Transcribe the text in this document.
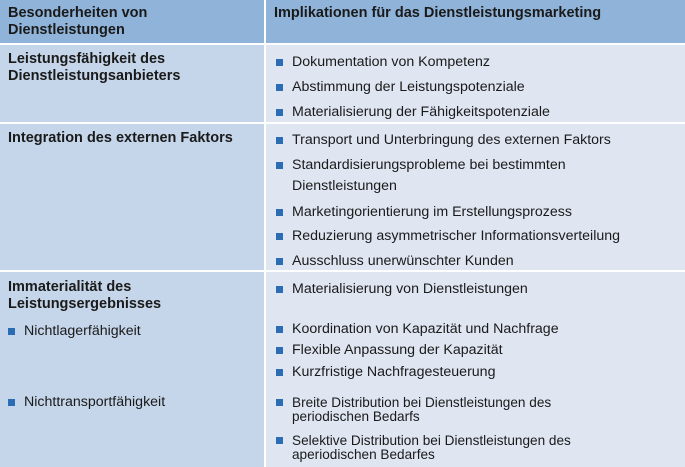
Besonderheiten von
Dienstleistungen
Implikationen für das Dienstleistungsmarketing
Leistungsfähigkeit des
Dienstleistungsanbieters
Dokumentation von Kompetenz
Abstimmung der Leistungspotenziale
Materialisierung der Fähigkeitspotenziale
Integration des externen Faktors	Transport und Unterbringung des externen Faktors
Standardisierungsprobleme bei bestimmten
Dienstleistungen
Marketingorientierung im Erstellungsprozess
Reduzierung asymmetrischer Informationsverteilung
Ausschluss unerwünschter Kunden
Immaterialität des
Leistungsergebnisses
Nichtlagerfähigkeit
Nichttransportfähigkeit
Materialisierung von Dienstleistungen
Koordination von Kapazität und Nachfrage
Flexible Anpassung der Kapazität
Kurzfristige Nachfragesteuerung
Breite Distribution bei Dienstleistungen des
periodischen Bedarfs
Selektive Distribution bei Dienstleistungen des
aperiodischen Bedarfes
